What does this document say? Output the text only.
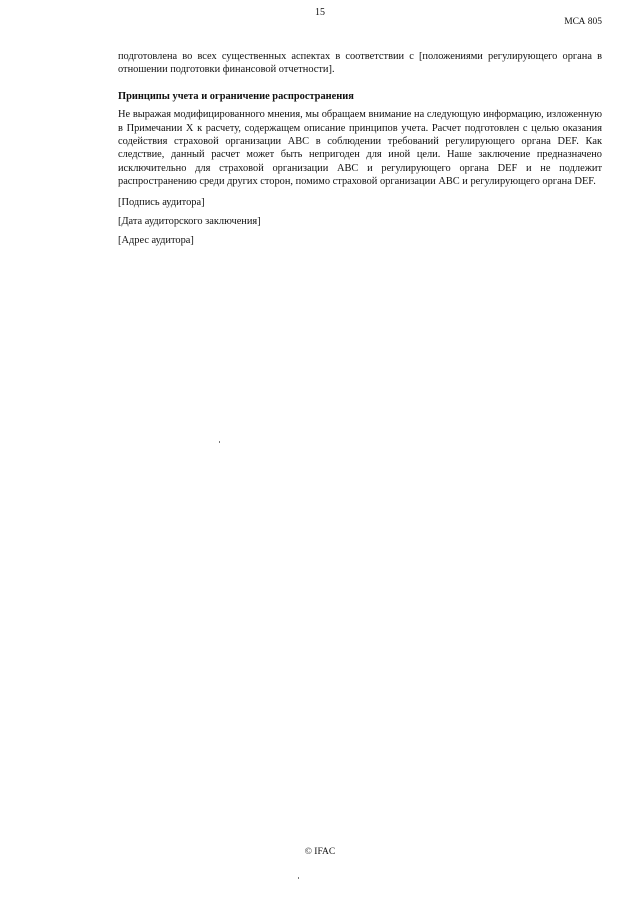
15
МСА 805

подготовлена во всех существенных аспектах в соответствии с [положениями регулирующего органа в отношении подготовки финансовой отчетности].

Принципы учета и ограничение распространения

Не выражая модифицированного мнения, мы обращаем внимание на следующую информацию, изложенную в Примечании X к расчету, содержащем описание принципов учета. Расчет подготовлен с целью оказания содействия страховой организации ABC в соблюдении требований регулирующего органа DEF. Как следствие, данный расчет может быть непригоден для иной цели. Наше заключение предназначено исключительно для страховой организации ABC и регулирующего органа DEF и не подлежит распространению среди других сторон, помимо страховой организации ABC и регулирующего органа DEF.

[Подпись аудитора]

[Дата аудиторского заключения]

[Адрес аудитора]

© IFAC
